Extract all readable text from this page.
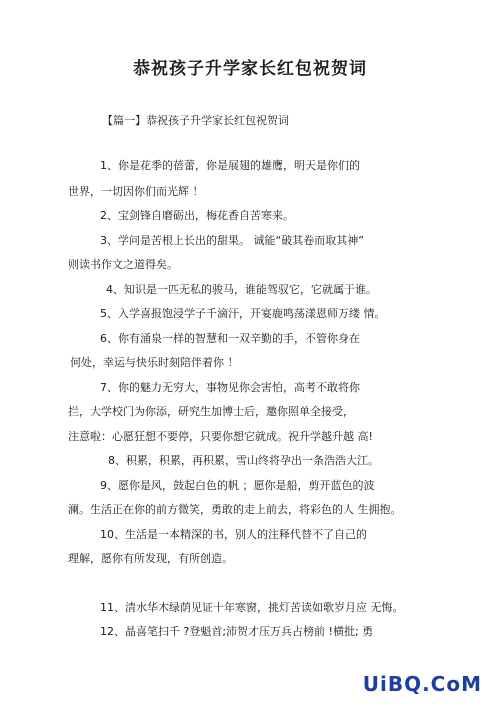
恭祝孩子升学家长红包祝贺词
【篇一】恭祝孩子升学家长红包祝贺词
1、你是花季的蓓蕾，你是展翅的雄鹰，明天是你们的
世界，一切因你们而光辉 ！
2、宝剑锋自磨砺出，梅花香自苦寒来。
3、学问是苦根上长出的甜果。 诚能“破其卷而取其神”
则读书作文之道得矣。
4、知识是一匹无私的骏马，谁能驾驭它，它就属于谁。
5、入学喜报饱浸学子千滴汗，开宴鹿鸣荡漾恩师万缕 情。
6、你有涌泉一样的智慧和一双辛勤的手，不管你身在
何处，幸运与快乐时刻陪伴着你 ！
7、你的魅力无穷大，事物见你会害怕，高考不敢将你
拦，大学校门为你添，研究生加博士后，邀你照单全接受，
注意啦：心愿狂想不要停，只要你想它就成。祝升学越升越 高!
8、积累，积累，再积累，雪山终将孕出一条浩浩大江。
9、愿你是风，鼓起白色的帆 ；愿你是船，剪开蓝色的波
澜。生活正在你的前方微笑，勇敢的走上前去，将彩色的人 生拥抱。
10、生活是一本精深的书，别人的注释代替不了自己的
理解，愿你有所发现，有所创造。
11、清水华木绿荫见证十年寒窗，挑灯苦读如歌岁月应 无悔。
12、晶喜笔扫千 ?登魁首;沛贺才压万兵占榜前 !横批; 勇
UiBQ.CoM
